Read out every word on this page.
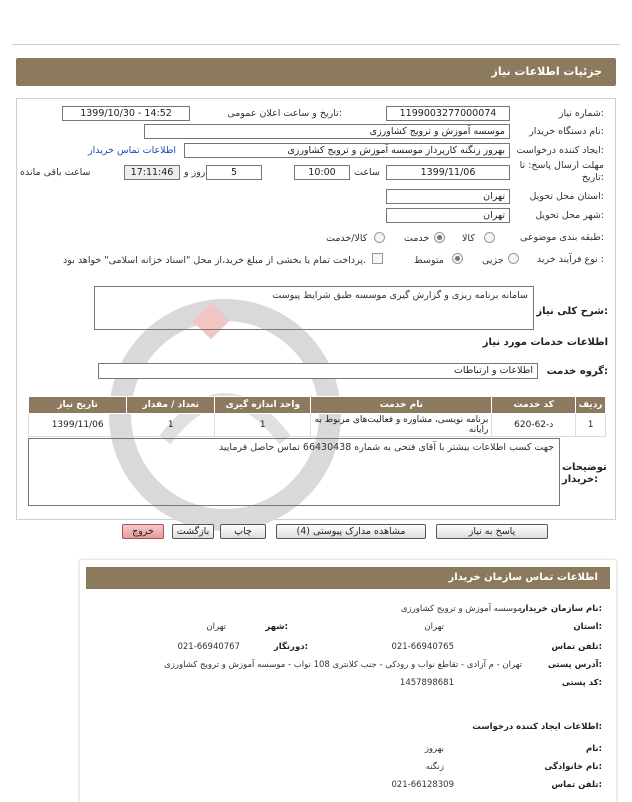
جزئیات اطلاعات نیاز
شماره نیاز:
1199003277000074
تاریخ و ساعت اعلان عمومی:
1399/10/30 - 14:52
نام دستگاه خریدار:
موسسه آموزش و ترویج کشاورزی
ایجاد کننده درخواست:
بهروز زنگنه کارپرداز موسسه آموزش و ترویج کشاورزی
اطلاعات تماس خریدار
مهلت ارسال پاسخ: تا تاریخ:
1399/11/06
ساعت
10:00
5
روز و
17:11:46
ساعت باقی مانده
استان محل تحویل:
تهران
شهر محل تحویل:
تهران
طبقه بندی موضوعی:
کالا
خدمت
کالا/خدمت
نوع فرآیند خرید :
جزیی
متوسط
پرداخت تمام یا بخشی از مبلغ خرید،از محل "اسناد خزانه اسلامی" خواهد بود.
شرح کلی نیاز:
سامانه برنامه ریزی و گزارش گیری موسسه طبق شرایط پیوست
اطلاعات خدمات مورد نیاز
گروه خدمت:
اطلاعات و ارتباطات
ردیف	کد خدمت	نام خدمت	واحد اندازه گیری	تعداد / مقدار	تاریخ نیاز
1	د-62-620	برنامه نویسی، مشاوره و فعالیت‌های مربوط به رایانه	1	1	1399/11/06
توضیحات خریدار:
جهت کسب اطلاعات بیشتر با آقای فتحی به شماره 66430438 تماس حاصل فرمایید
پاسخ به نیاز
مشاهده مدارک پیوستی (4)
چاپ
بازگشت
خروج
اطلاعات تماس سازمان خریدار
نام سازمان خریدار:
موسسه آموزش و ترویج کشاورزی
استان:
تهران
شهر:
تهران
تلفن تماس:
021-66940765
دورنگار:
021-66940767
آدرس پستی:
تهران - م آزادی - تقاطع نواب و رودکی - جنب کلانتری 108 نواب - موسسه آموزش و ترویج کشاورزی
کد پستی:
1457898681
اطلاعات ایجاد کننده درخواست:
نام:
بهروز
نام خانوادگی:
زنگنه
تلفن تماس:
021-66128309
